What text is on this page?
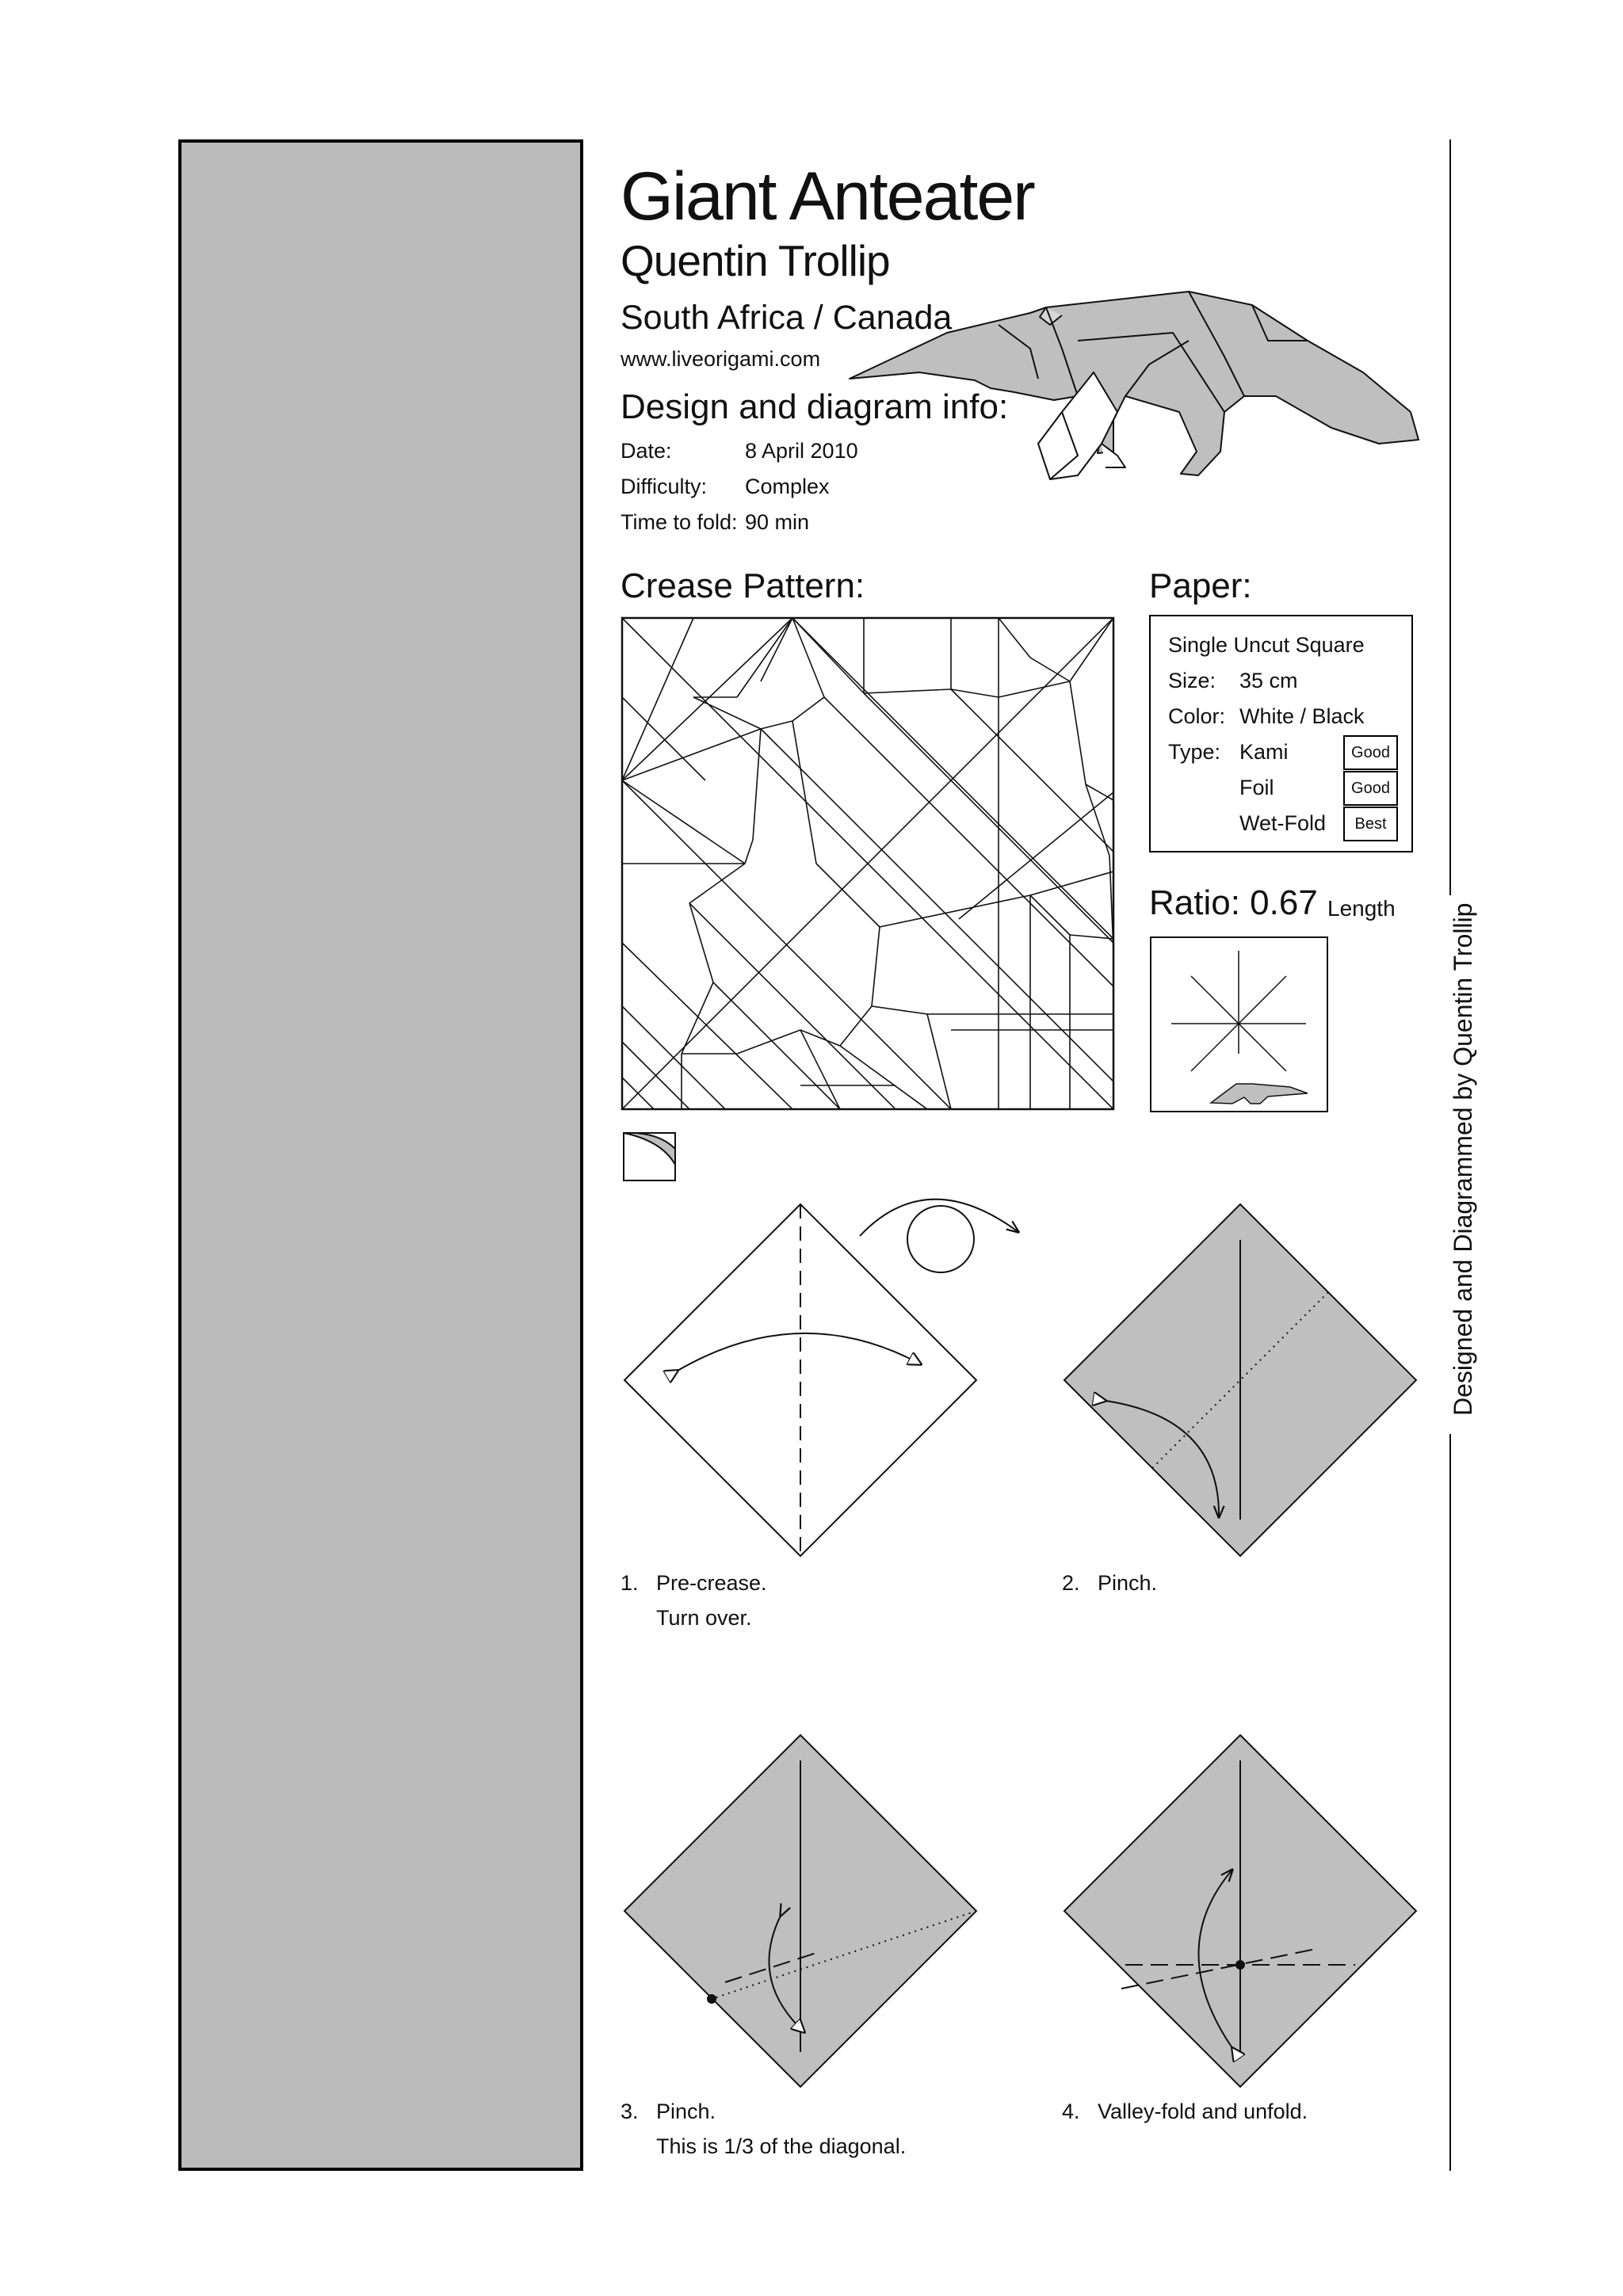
Giant Anteater
Quentin Trollip
South Africa / Canada
www.liveorigami.com
Design and diagram info:
Date:	8 April 2010
Difficulty: Complex
Time to fold: 90 min
Crease Pattern:	Paper:
Single Uncut Square
Size: 35 cm
Color: White / Black
Type: Kami
Foil
Wet-Fold
Good
Good
Best
Ratio: 0.67 Length Designed and Diagrammed by Quentin Trollip
1. Pre-crease.
Turn over.
2. Pinch.
3. Pinch.
This is 1/3 of the diagonal.
4. Valley-fold and unfold.
